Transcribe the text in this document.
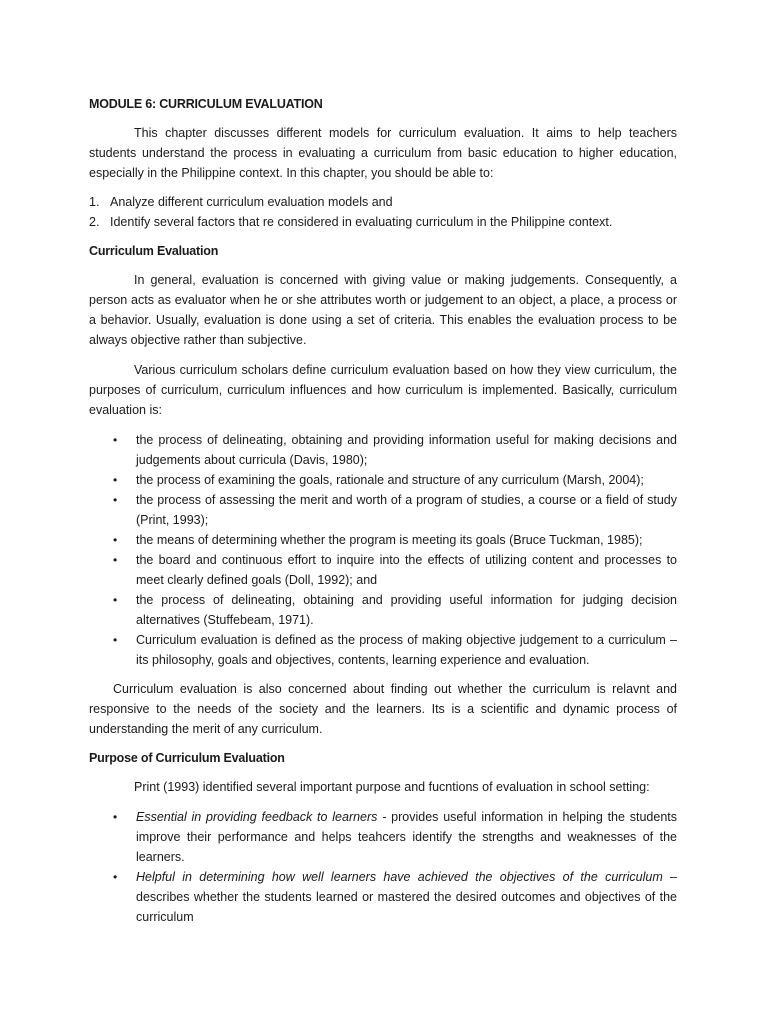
MODULE 6: CURRICULUM EVALUATION

This chapter discusses different models for curriculum evaluation. It aims to help teachers students understand the process in evaluating a curriculum from basic education to higher education, especially in the Philippine context. In this chapter, you should be able to:

1. Analyze different curriculum evaluation models and
2. Identify several factors that re considered in evaluating curriculum in the Philippine context.
Curriculum Evaluation

In general, evaluation is concerned with giving value or making judgements. Consequently, a person acts as evaluator when he or she attributes worth or judgement to an object, a place, a process or a behavior. Usually, evaluation is done using a set of criteria. This enables the evaluation process to be always objective rather than subjective.

Various curriculum scholars define curriculum evaluation based on how they view curriculum, the purposes of curriculum, curriculum influences and how curriculum is implemented. Basically, curriculum evaluation is:

• the process of delineating, obtaining and providing information useful for making decisions and judgements about curricula (Davis, 1980);
• the process of examining the goals, rationale and structure of any curriculum (Marsh, 2004);
• the process of assessing the merit and worth of a program of studies, a course or a field of study (Print, 1993);
• the means of determining whether the program is meeting its goals (Bruce Tuckman, 1985);
• the board and continuous effort to inquire into the effects of utilizing content and processes to meet clearly defined goals (Doll, 1992); and
• the process of delineating, obtaining and providing useful information for judging decision alternatives (Stuffebeam, 1971).
• Curriculum evaluation is defined as the process of making objective judgement to a curriculum – its philosophy, goals and objectives, contents, learning experience and evaluation.

Curriculum evaluation is also concerned about finding out whether the curriculum is relavnt and responsive to the needs of the society and the learners. Its is a scientific and dynamic process of understanding the merit of any curriculum.

Purpose of Curriculum Evaluation

Print (1993) identified several important purpose and fucntions of evaluation in school setting:

• Essential in providing feedback to learners - provides useful information in helping the students improve their performance and helps teahcers identify the strengths and weaknesses of the learners.
• Helpful in determining how well learners have achieved the objectives of the curriculum – describes whether the students learned or mastered the desired outcomes and objectives of the curriculum
